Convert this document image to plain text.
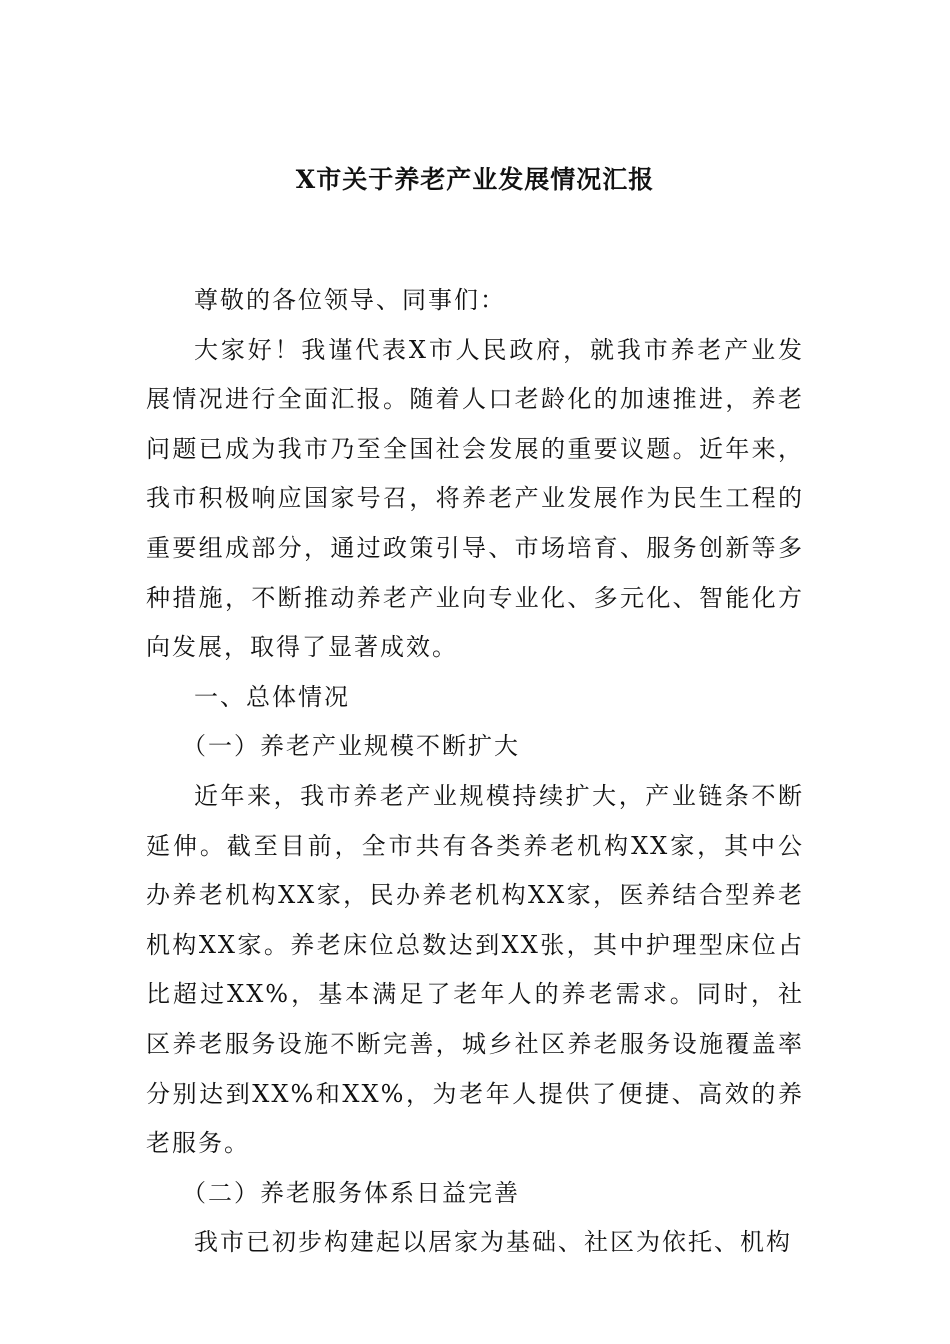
X市关于养老产业发展情况汇报

尊敬的各位领导、同事们：

大家好！我谨代表X市人民政府，就我市养老产业发展情况进行全面汇报。随着人口老龄化的加速推进，养老问题已成为我市乃至全国社会发展的重要议题。近年来，我市积极响应国家号召，将养老产业发展作为民生工程的重要组成部分，通过政策引导、市场培育、服务创新等多种措施，不断推动养老产业向专业化、多元化、智能化方向发展，取得了显著成效。

一、总体情况

（一）养老产业规模不断扩大

近年来，我市养老产业规模持续扩大，产业链条不断延伸。截至目前，全市共有各类养老机构XX家，其中公办养老机构XX家，民办养老机构XX家，医养结合型养老机构XX家。养老床位总数达到XX张，其中护理型床位占比超过XX%，基本满足了老年人的养老需求。同时，社区养老服务设施不断完善，城乡社区养老服务设施覆盖率分别达到XX%和XX%，为老年人提供了便捷、高效的养老服务。

（二）养老服务体系日益完善

我市已初步构建起以居家为基础、社区为依托、机构
